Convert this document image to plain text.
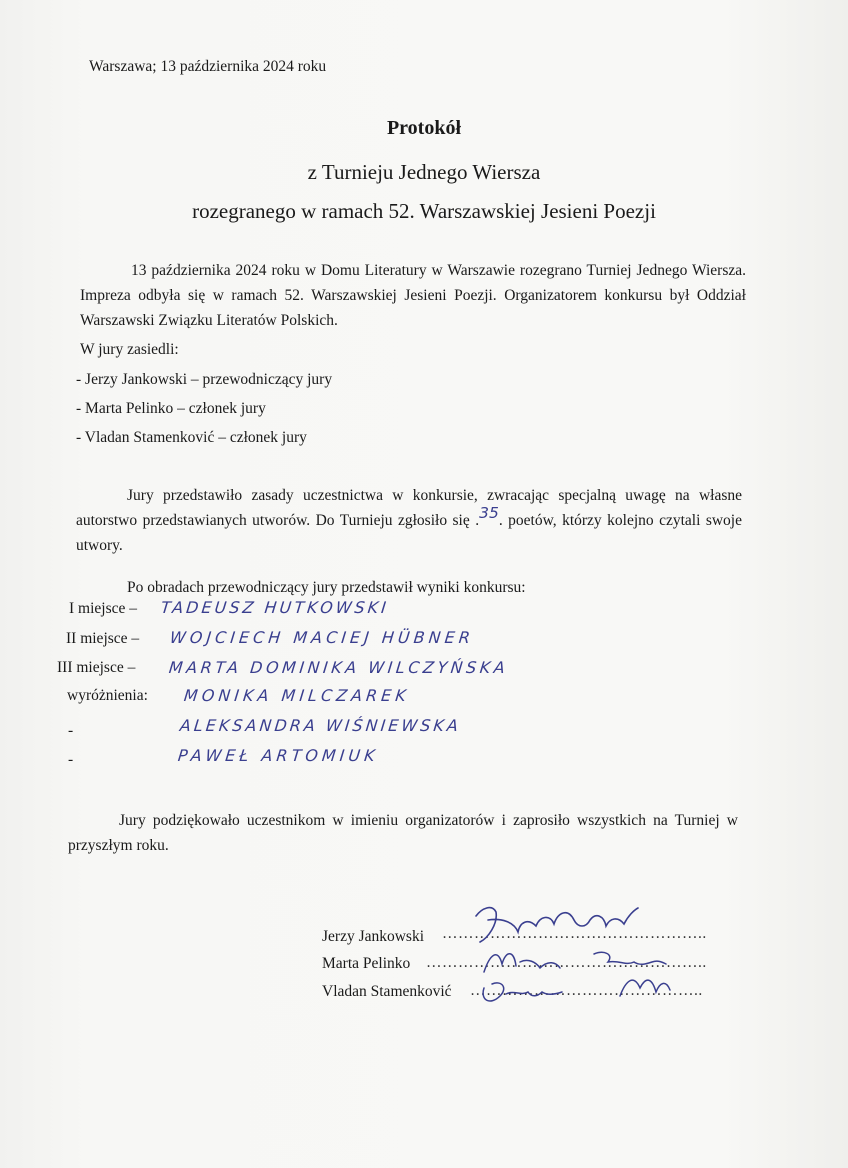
Warszawa; 13 października 2024 roku
Protokół
z Turnieju Jednego Wiersza
rozegranego w ramach 52. Warszawskiej Jesieni Poezji
13 października 2024 roku w Domu Literatury w Warszawie rozegrano Turniej Jednego Wiersza. Impreza odbyła się w ramach 52. Warszawskiej Jesieni Poezji. Organizatorem konkursu był Oddział Warszawski Związku Literatów Polskich.
W jury zasiedli:
- Jerzy Jankowski – przewodniczący jury
- Marta Pelinko – członek jury
- Vladan Stamenković – członek jury
Jury przedstawiło zasady uczestnictwa w konkursie, zwracając specjalną uwagę na własne autorstwo przedstawianych utworów. Do Turnieju zgłosiło się .35. poetów, którzy kolejno czytali swoje utwory.
Po obradach przewodniczący jury przedstawił wyniki konkursu:
I miejsce – TADEUSZ HUTKOWSKI
II miejsce – WOJCIECH MACIEJ HÜBNER
III miejsce – MARTA DOMINIKA WILCZYŃSKA
wyróżnienia: MONIKA MILCZAREK
-	ALEKSANDRA WIŚNIEWSKA
-	PAWEŁ ARTOMIUK
Jury podziękowało uczestnikom w imieniu organizatorów i zaprosiło wszystkich na Turniej w przyszłym roku.
Jerzy Jankowski …………………………………………..
Marta Pelinko ……………………………………………..
Vladan Stamenković ……………………………………..
